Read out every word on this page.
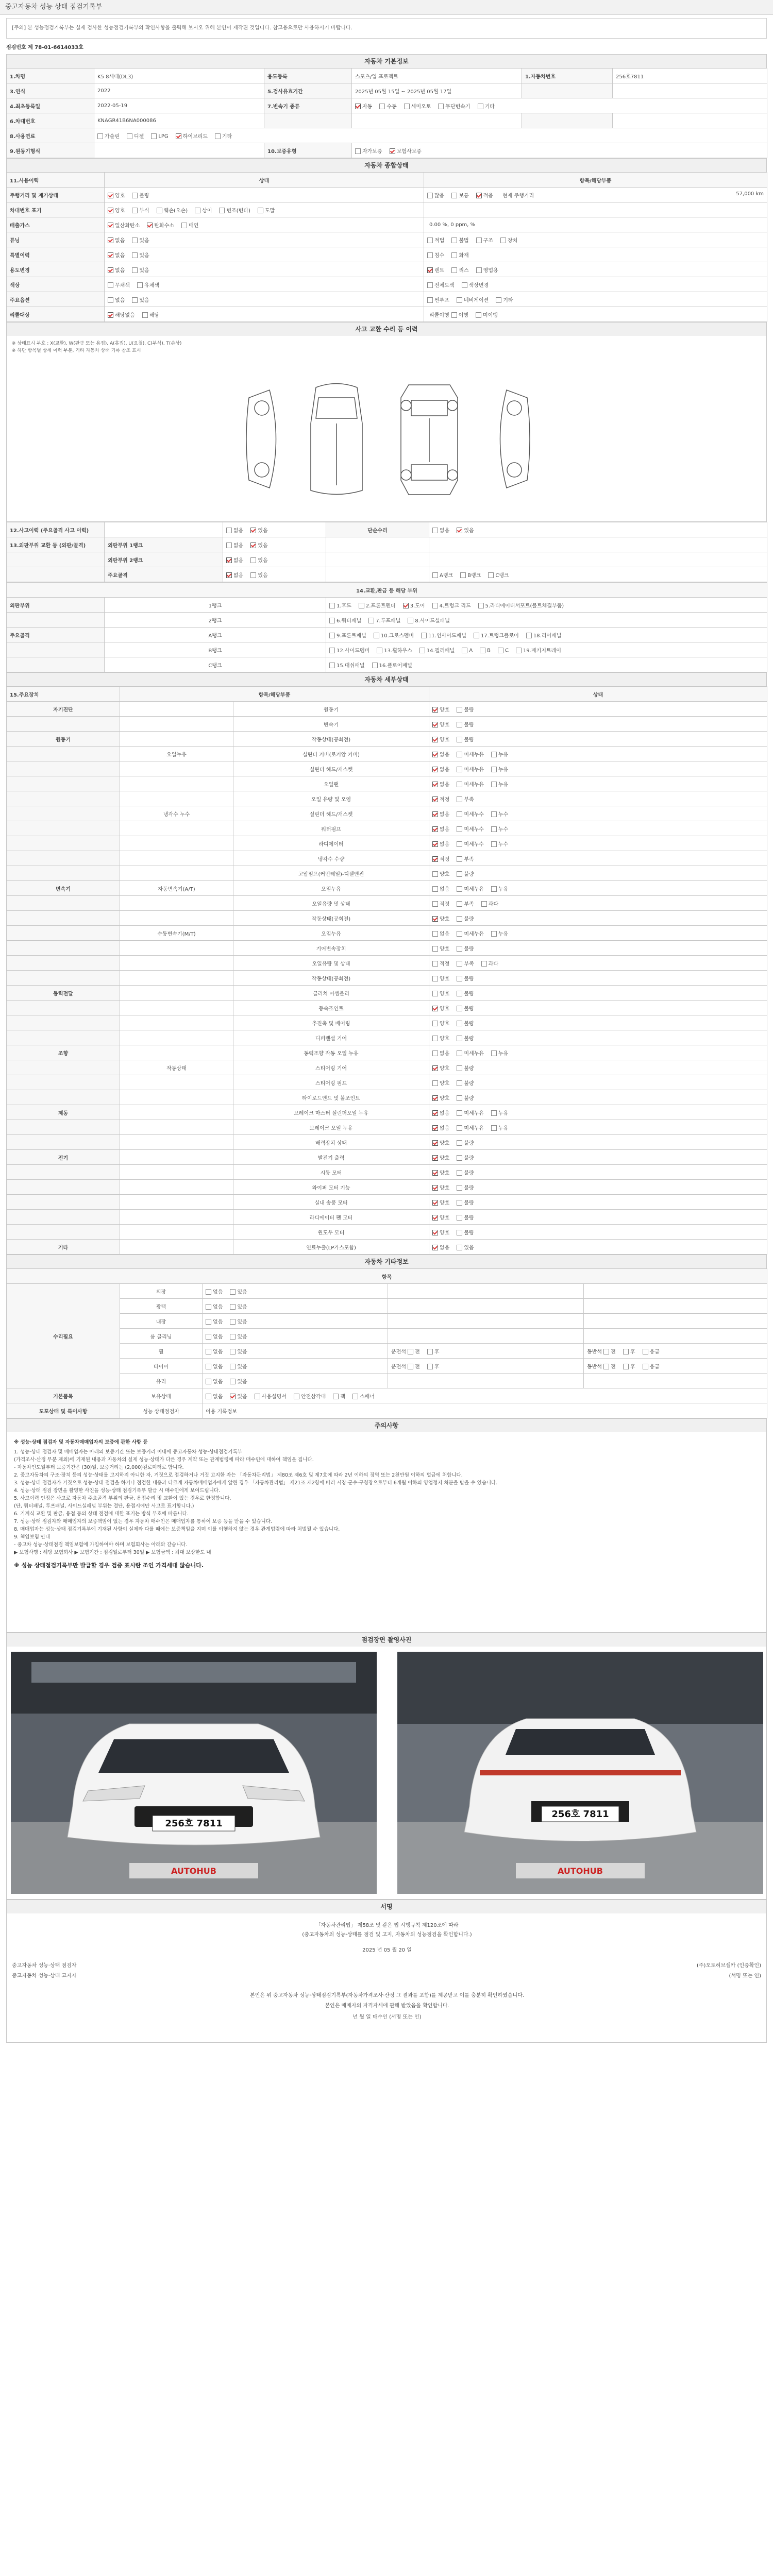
중고자동차 성능 상태 점검기록부
[주의] 본 성능점검기록부는 실제 검사한 성능점검기록부의 확인사항을 출력해 보시오 위해 본인이 제작된 것입니다. 참고용으로만 사용하시기 바랍니다.
점검번호 제 78-01-6614033호
자동차 기본정보
1.차명	K5 8세대(DL3)	용도등록	스포츠/업 프로젝트	1.자동차번호	256호7811
3.연식	2022	5.검사유효기간	2025년 05월 15일 ~ 2025년 05월 17일		
4.최초등록일	2022-05-19	7.변속기 종류	자동 수동 세미오토 무단변속기 기타		
6.차대번호	KNAGR41B6NA000086				
8.사용연료	가솔린 디젤 LPG 하이브리드 기타				
9.원동기형식		10.보증유형	자가보증 보험사보증		
자동차 종합상태
11.사용이력	상태	항목/해당부품
주행거리 및 계기상태	양호 불량	많음 보통 적음 현재 주행거리 57,000 km

차대번호 표기	양호 부식 훼손(오손) 상이 변조(변타) 도말	
배출가스	일산화탄소 탄화수소 매연	0.00 %, 0 ppm, %
튜닝	없음 있음	적법 불법 구조 장치
특별이력	없음 있음	침수 화재
용도변경	없음 있음	렌트 리스 영업용
색상	무채색 유채색	전체도색 색상변경
주요옵션	없음 있음	썬루프 네비게이션 기타
리콜대상	해당없음 해당	리콜이행 이행 미이행
사고 교환 수리 등 이력
※ 상태표시 부호 : X(교환), W(판금 또는 용접), A(흠집), U(요철), C(부식), T(손상)
※ 하단 항목별 상세 이력 부분, 기타 자동차 상태 기록 참조 표시
12.사고이력 (주요골격 사고 이력)		없음 있음	단순수리	없음 있음
13.외판부위 교환 등 (외판/골격)	외판부위 1랭크	없음 있음		
	외판부위 2랭크	없음 있음		
	주요골격	없음 있음		A랭크 B랭크 C랭크
14.교환,판금 등 해당 부위		
외판부위	1랭크	1.후드 2.프론트펜더 3.도어 4.트렁크 리드 5.라디에이터서포트(볼트체결부품)
	2랭크	6.쿼터패널 7.루프패널 8.사이드실패널
주요골격	A랭크	9.프론트패널 10.크로스멤버 11.인사이드패널 17.트렁크플로어 18.리어패널
	B랭크	12.사이드멤버 13.휠하우스 14.필러패널 A B C 19.패키지트레이
	C랭크	15.대쉬패널 16.플로어패널
자동차 세부상태
15.주요장치	항목/해당부품		상태
자기진단		원동기	양호 불량
		변속기	양호 불량
원동기		작동상태(공회전)	양호 불량
	오일누유	실린더 커버(로커암 커버)	없음 미세누유 누유
		실린더 헤드/개스켓	없음 미세누유 누유
		오일팬	없음 미세누유 누유
		오일 유량 및 오염	적정 부족
	냉각수 누수	실린더 헤드/개스켓	없음 미세누수 누수
		워터펌프	없음 미세누수 누수
		라디에이터	없음 미세누수 누수
		냉각수 수량	적정 부족
		고압펌프(커먼레일)-디젤엔진	양호 불량
변속기	자동변속기(A/T)	오일누유	없음 미세누유 누유
		오일유량 및 상태	적정 부족 과다
		작동상태(공회전)	양호 불량
	수동변속기(M/T)	오일누유	없음 미세누유 누유
		기어변속장치	양호 불량
		오일유량 및 상태	적정 부족 과다
		작동상태(공회전)	양호 불량
동력전달		클러치 어셈블리	양호 불량
		등속조인트	양호 불량
		추진축 및 베어링	양호 불량
		디퍼렌셜 기어	양호 불량
조향		동력조향 작동 오일 누유	없음 미세누유 누유
	작동상태	스티어링 기어	양호 불량
		스티어링 펌프	양호 불량
		타이로드엔드 및 볼조인트	양호 불량
제동		브레이크 마스터 실린더오일 누유	없음 미세누유 누유
		브레이크 오일 누유	없음 미세누유 누유
		배력장치 상태	양호 불량
전기		발전기 출력	양호 불량
		시동 모터	양호 불량
		와이퍼 모터 기능	양호 불량
		실내 송풍 모터	양호 불량
		라디에이터 팬 모터	양호 불량
		윈도우 모터	양호 불량
기타		연료누출(LP가스포함)	없음 있음
자동차 기타정보
항목				
수리필요	외장	없음 있음		
	광택	없음 있음		
	내장	없음 있음		
	룸 클리닝	없음 있음		
	휠	없음 있음	운전석 전 후	동반석 전 후 응급
	타이어	없음 있음	운전석 전 후	동반석 전 후 응급
	유리	없음 있음		
기본품목	보유상태	없음 있음 사용설명서 안전삼각대 잭 스패너		
도포상태 및 특이사항	성능 상태점검자	이용 기록정보		
주의사항
※ 성능·상태 점검자 및 자동차매매업자의 보증에 관한 사항 등
1. 성능·상태 점검자 및 매매업자는 아래의 보증기간 또는 보증거리 이내에 중고자동차 성능·상태점검기록부
(가격조사·산정 부분 제외)에 기재된 내용과 자동차의 실제 성능·상태가 다른 경우 계약 또는 관계법령에 따라 매수인에 대하여 책임을 집니다.
- 자동차인도일부터 보증기간은 (30)일, 보증거리는 (2,000)킬로미터로 합니다.
2. 중고자동차의 구조·장치 등의 성능·상태를 고지하지 아니한 자, 거짓으로 점검하거나 거짓 고지한 자는 「자동차관리법」 제80조 제6호 및 제7호에 따라 2년 이하의 징역 또는 2천만원 이하의 벌금에 처합니다.
3. 성능·상태 점검자가 거짓으로 성능·상태 점검을 하거나 점검한 내용과 다르게 자동차매매업자에게 알린 경우 「자동차관리법」 제21조 제2항에 따라 시장·군수·구청장으로부터 6개월 이하의 영업정지 처분을 받을 수 있습니다.
4. 성능·상태 점검 장면을 촬영한 사진을 성능·상태 점검기록부 발급 시 매수인에게 보여드립니다.
5. 사고이력 인정은 사고로 자동차 주요골격 부위의 판금, 용접수리 및 교환이 있는 경우로 한정합니다.
(단, 쿼터패널, 루프패널, 사이드실패널 부위는 절단, 용접시에만 사고로 표기합니다.)
6. 기계식 교환 및 판금, 용접 등의 상태 점검에 대한 표기는 방식 부호에 따릅니다.
7. 성능·상태 점검자와 매매업자의 보증책임이 없는 경우 자동차 매수인은 매매업자를 통하여 보증 등을 받을 수 있습니다.
8. 매매업자는 성능·상태 점검기록부에 기재된 사항이 실제와 다를 때에는 보증책임을 지며 이를 이행하지 않는 경우 관계법령에 따라 처벌될 수 있습니다.
9. 책임보험 안내
- 중고차 성능·상태점검 책임보험에 가입하여야 하며 보험회사는 아래와 같습니다.
▶ 보험사명 : 해당 보험회사 ▶ 보험기간 : 점검일로부터 30일 ▶ 보험금액 : 최대 보상한도 내
※ 성능 상태점검기록부만 발급할 경우 검증 표시란 조인 가격세대 않습니다.
점검장면 촬영사진
256호 7811
AUTOHUB
256호 7811
AUTOHUB
서명
「자동차관리법」 제58조 및 같은 법 시행규칙 제120조에 따라
(중고자동차의 성능·상태를 점검 및 고지, 자동차의 성능점검을 확인합니다.)
2025 년 05 월 20 일
중고자동차 성능·상태 점검자	(주)오토허브셀카 (인증확인)
중고자동차 성능·상태 고지자	(서명 또는 인)
본인은 위 중고자동차 성능·상태점검기록부(자동차가격조사·산정 그 결과를 포함)를 제공받고 이를 충분히 확인하였습니다.
본인은 매매자의 자격자세에 관해 받았음을 확인합니다.
년 월 일 매수인 (서명 또는 인)
